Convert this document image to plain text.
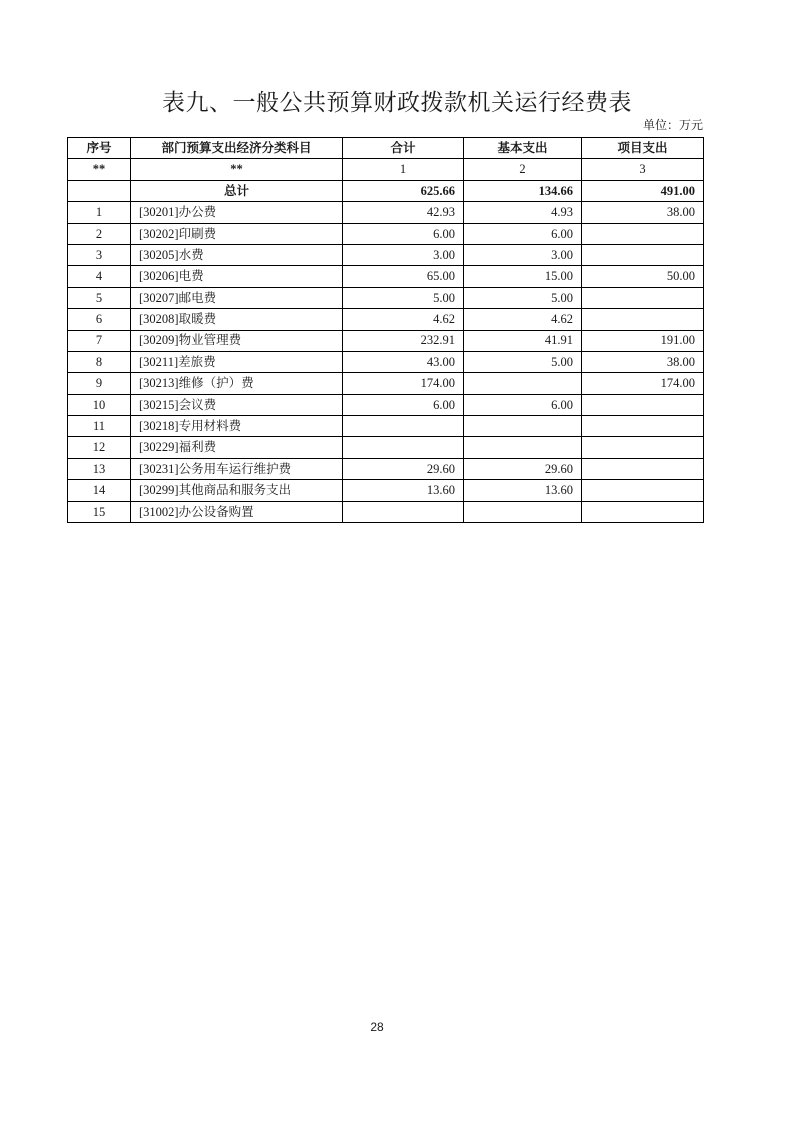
表九、一般公共预算财政拨款机关运行经费表
单位：万元
序号	部门预算支出经济分类科目	合计	基本支出	项目支出
**	**	1	2	3
	总计	625.66	134.66	491.00
1	[30201]办公费	42.93	4.93	38.00
2	[30202]印刷费	6.00	6.00	
3	[30205]水费	3.00	3.00	
4	[30206]电费	65.00	15.00	50.00
5	[30207]邮电费	5.00	5.00	
6	[30208]取暖费	4.62	4.62	
7	[30209]物业管理费	232.91	41.91	191.00
8	[30211]差旅费	43.00	5.00	38.00
9	[30213]维修（护）费	174.00		174.00
10	[30215]会议费	6.00	6.00	
11	[30218]专用材料费			
12	[30229]福利费			
13	[30231]公务用车运行维护费	29.60	29.60	
14	[30299]其他商品和服务支出	13.60	13.60	
15	[31002]办公设备购置			
28
